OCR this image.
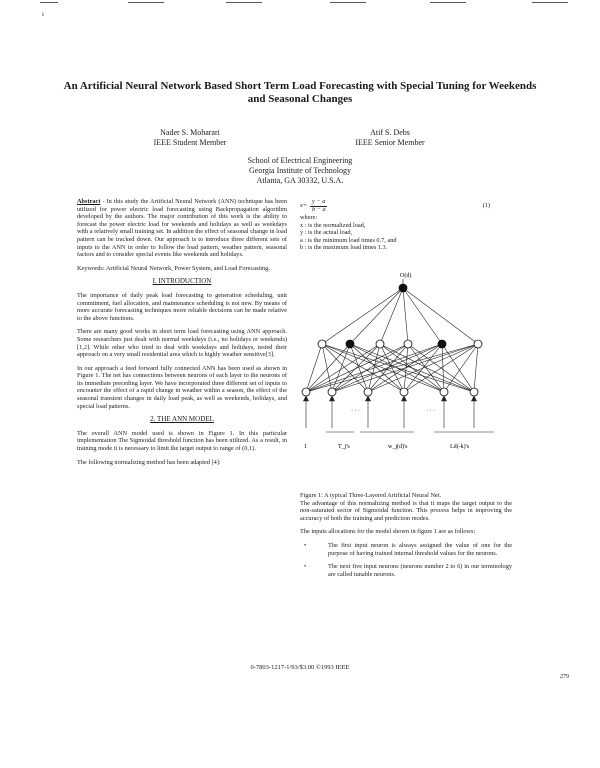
ı
An Artificial Neural Network Based Short Term Load Forecasting with Special Tuning for Weekends and Seasonal Changes
Nader S. Moharari
IEEE Student Member
Atif S. Debs
IEEE Senior Member
School of Electrical Engineering
Georgia Institute of Technology
Atlanta, GA 30332, U.S.A.

Abstract - In this study the Artificial Neural Network (ANN) technique has been utilized for power electric load forecasting using Backpropagation algorithm developed by the authors. The major contribution of this work is the ability to forecast the power electric load for weekends and holidays as well as weekdays with a relatively small training set. In addition the effect of seasonal change in load pattern can be tracked down. Our approach is to introduce three different sets of inputs to the ANN in order to follow the load pattern, weather pattern, seasonal factors and to consider special events like weekends and holidays.

Keywords: Artificial Neural Network, Power System, and Load Forecasting.

I. INTRODUCTION

The importance of daily peak load forecasting to generation scheduling, unit commitment, fuel allocation, and maintenance scheduling is not new. By means of more accurate forecasting techniques more reliable decisions can be made relative to the above functions.

There are many good works in short term load forecasting using ANN approach. Some researchers just dealt with normal weekdays (i.e., no holidays or weekends) [1,2]. While other who tried to deal with weekdays and holidays, tested their approach on a very small residential area which is highly weather sensitive[3].

In our approach a feed forward fully connected ANN has been used as shown in Figure 1. The net has connections between neurons of each layer to the neurons of its immediate preceding layer. We have incorporated three different set of inputs to encounter the effect of a rapid change in weather within a season, the effect of the seasonal transient changes in daily load peak, as well as weekends, holidays, and special load patterns.

2. THE ANN MODEL

The overall ANN model used is shown in Figure 1. In this particular implementation The Sigmoidal threshold function has been utilized. As a result, in training mode it is necessary to limit the target output to range of (0,1).

The following normalizing method has been adapted [4]:

x=
y − a
b − a
(1)
where:
x : is the normalized load,
y : is the actual load,
a : is the minimum load times 0.7, and
b : is the maximum load times 1.3.
O(d)
· · ·	· · ·
· · ·	· · ·
1	T_j's	w_j(d)'s	Ld(-k)'s
Figure 1: A typical Three-Layered Artificial Neural Net.

The advantage of this normalizing method is that it maps the target output to the non-saturated sector of Sigmoidal function. This process helps in improving the accuracy of both the training and prediction modes.

The inputs allocations for the model shown in figure 1 are as follows:

•	The first input neuron is always assigned the value of one for the purpose of having trained internal threshold values for the neurons.
•	The next five input neurons (neurons number 2 to 6) in our terminology are called tunable neurons.
0-7803-1217-1/93/$3.00 ©1993 IEEE
279
